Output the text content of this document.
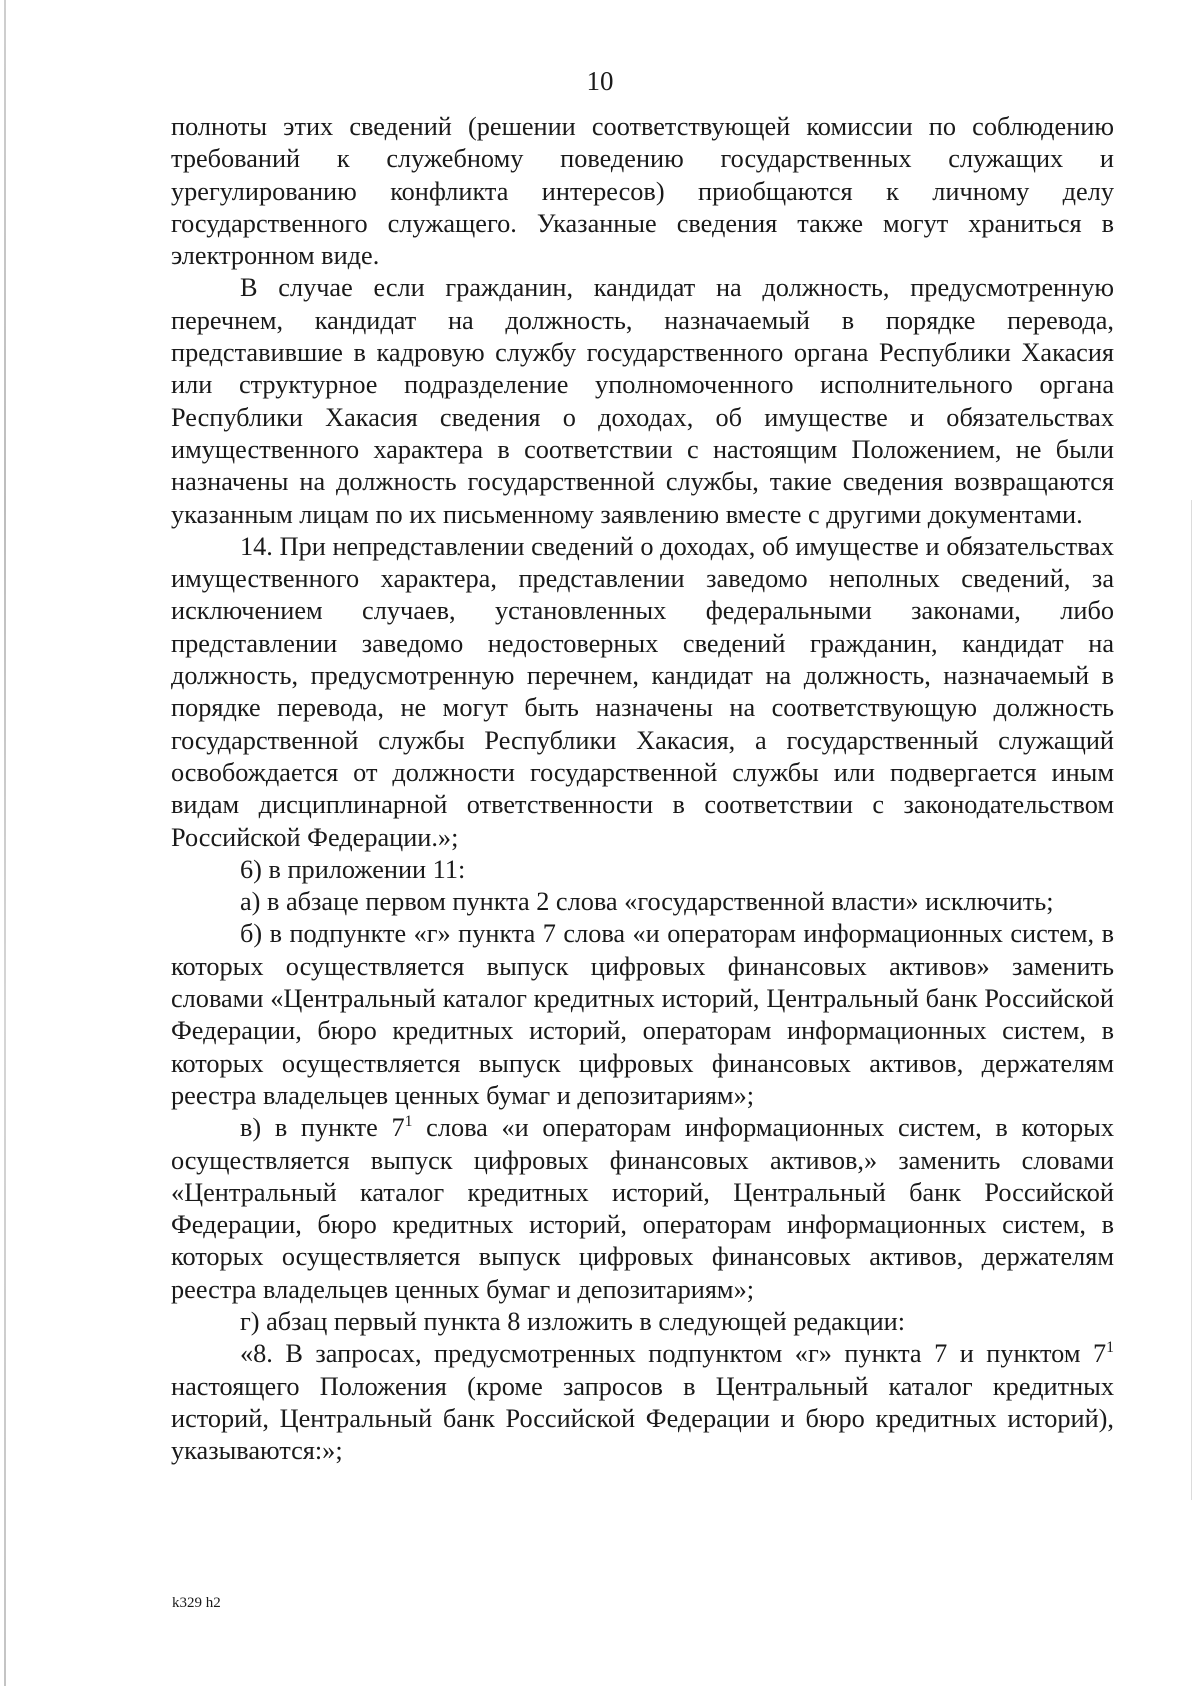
10

полноты этих сведений (решении соответствующей комиссии по соблюдению требований к служебному поведению государственных служащих и урегулированию конфликта интересов) приобщаются к личному делу государственного служащего. Указанные сведения также могут храниться в электронном виде.

В случае если гражданин, кандидат на должность, предусмотренную перечнем, кандидат на должность, назначаемый в порядке перевода, представившие в кадровую службу государственного органа Республики Хакасия или структурное подразделение уполномоченного исполнительного органа Республики Хакасия сведения о доходах, об имуществе и обязательствах имущественного характера в соответствии с настоящим Положением, не были назначены на должность государственной службы, такие сведения возвращаются указанным лицам по их письменному заявлению вместе с другими документами.

14. При непредставлении сведений о доходах, об имуществе и обязательствах имущественного характера, представлении заведомо неполных сведений, за исключением случаев, установленных федеральными законами, либо представлении заведомо недостоверных сведений гражданин, кандидат на должность, предусмотренную перечнем, кандидат на должность, назначаемый в порядке перевода, не могут быть назначены на соответствующую должность государственной службы Республики Хакасия, а государственный служащий освобождается от должности государственной службы или подвергается иным видам дисциплинарной ответственности в соответствии с законодательством Российской Федерации.»;

6) в приложении 11:

а) в абзаце первом пункта 2 слова «государственной власти» исключить;

б) в подпункте «г» пункта 7 слова «и операторам информационных систем, в которых осуществляется выпуск цифровых финансовых активов» заменить словами «Центральный каталог кредитных историй, Центральный банк Российской Федерации, бюро кредитных историй, операторам информационных систем, в которых осуществляется выпуск цифровых финансовых активов, держателям реестра владельцев ценных бумаг и депозитариям»;

в) в пункте $7^1$ слова «и операторам информационных систем, в которых осуществляется выпуск цифровых финансовых активов,» заменить словами «Центральный каталог кредитных историй, Центральный банк Российской Федерации, бюро кредитных историй, операторам информационных систем, в которых осуществляется выпуск цифровых финансовых активов, держателям реестра владельцев ценных бумаг и депозитариям»;

г) абзац первый пункта 8 изложить в следующей редакции:

«8. В запросах, предусмотренных подпунктом «г» пункта 7 и пунктом $7^1$ настоящего Положения (кроме запросов в Центральный каталог кредитных историй, Центральный банк Российской Федерации и бюро кредитных историй), указываются:»;

k329 h2
